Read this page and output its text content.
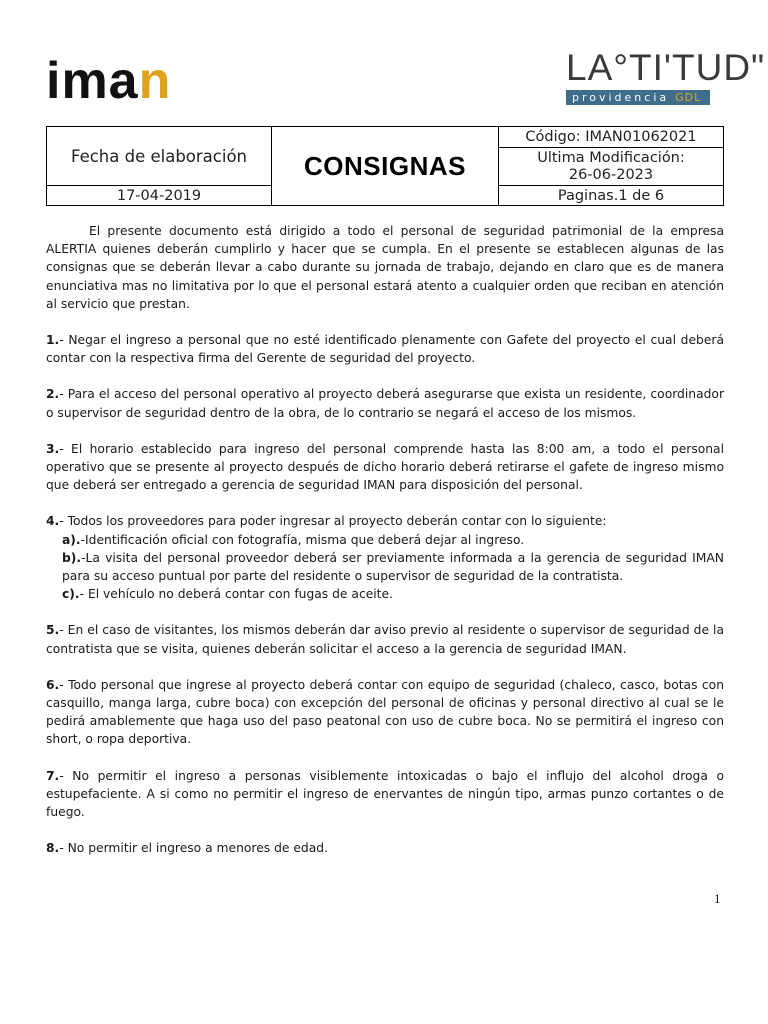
iman	LA°TI'TUD"
providencia GDL
Fecha de elaboración	CONSIGNAS	Código: IMAN01062021
		Ultima Modificación:
26-06-2023
17-04-2019		Paginas.1 de 6

El presente documento está dirigido a todo el personal de seguridad patrimonial de la empresa ALERTIA quienes deberán cumplirlo y hacer que se cumpla. En el presente se establecen algunas de las consignas que se deberán llevar a cabo durante su jornada de trabajo, dejando en claro que es de manera enunciativa mas no limitativa por lo que el personal estará atento a cualquier orden que reciban en atención al servicio que prestan.

1.- Negar el ingreso a personal que no esté identificado plenamente con Gafete del proyecto el cual deberá contar con la respectiva firma del Gerente de seguridad del proyecto.

2.- Para el acceso del personal operativo al proyecto deberá asegurarse que exista un residente, coordinador o supervisor de seguridad dentro de la obra, de lo contrario se negará el acceso de los mismos.

3.- El horario establecido para ingreso del personal comprende hasta las 8:00 am, a todo el personal operativo que se presente al proyecto después de dicho horario deberá retirarse el gafete de ingreso mismo que deberá ser entregado a gerencia de seguridad IMAN para disposición del personal.

4.- Todos los proveedores para poder ingresar al proyecto deberán contar con lo siguiente:

a).-Identificación oficial con fotografía, misma que deberá dejar al ingreso.

b).-La visita del personal proveedor deberá ser previamente informada a la gerencia de seguridad IMAN para su acceso puntual por parte del residente o supervisor de seguridad de la contratista.

c).- El vehículo no deberá contar con fugas de aceite.

5.- En el caso de visitantes, los mismos deberán dar aviso previo al residente o supervisor de seguridad de la contratista que se visita, quienes deberán solicitar el acceso a la gerencia de seguridad IMAN.

6.- Todo personal que ingrese al proyecto deberá contar con equipo de seguridad (chaleco, casco, botas con casquillo, manga larga, cubre boca) con excepción del personal de oficinas y personal directivo al cual se le pedirá amablemente que haga uso del paso peatonal con uso de cubre boca. No se permitirá el ingreso con short, o ropa deportiva.

7.- No permitir el ingreso a personas visiblemente intoxicadas o bajo el influjo del alcohol droga o estupefaciente. A si como no permitir el ingreso de enervantes de ningún tipo, armas punzo cortantes o de fuego.

8.- No permitir el ingreso a menores de edad.

1
